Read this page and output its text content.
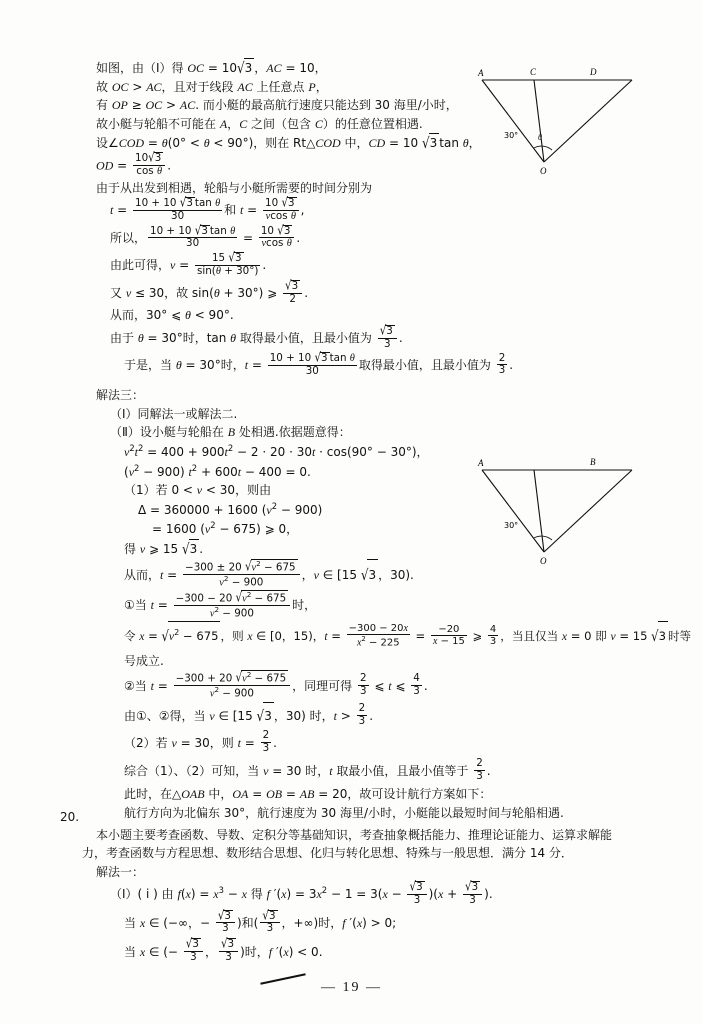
A	C	D
O
30° θ
A	B
O
30°

如图，由（Ⅰ）得 OC = 10√3 ，AC = 10，

故 OC > AC，且对于线段 AC 上任意点 P，

有 OP ≥ OC > AC. 而小艇的最高航行速度只能达到 30 海里/小时，

故小艇与轮船不可能在 A，C 之间（包含 C）的任意位置相遇.

设∠COD = θ(0° < θ < 90°)，则在 Rt△COD 中，CD = 10 √3 tan θ，

OD = $\frac{10√3}{\text{cos θ}}$ .

由于从出发到相遇，轮船与小艇所需要的时间分别为

$t = \frac{\text{10 + 10 √3 tan θ}}{30}$ 和 $t = \frac{10 √3}{\text{vcos θ}}$ ,

所以， $\frac{\text{10 + 10 √3 tan θ}}{30} = \frac{10 √3}{\text{vcos θ}}$ .

由此可得，$v = \frac{15 √3}{\sin(\theta + 30^\circ)}$ .

又 v ≤ 30，故 sin(θ + 30°) ⩾ $\frac{√3}{2}$ .

从而，30° ⩽ θ < 90°.

由于 θ = 30°时，tan θ 取得最小值，且最小值为 $\frac{√3}{3}$ .

于是，当 θ = 30°时，$t = \frac{\text{10 + 10 √3 tan θ}}{30}$ 取得最小值，且最小值为 $\frac{2}{3}$ .

解法三：

（Ⅰ）同解法一或解法二.

（Ⅱ）设小艇与轮船在 B 处相遇.依据题意得：

$v^2t^2 = 400 + 900t^2 - 2 \cdot 20 \cdot 30t \cdot \cos(90^\circ - 30^\circ)$，

$(v^2 - 900) t^2 + 600t - 400 = 0$.

（1）若 0 < v < 30，则由

Δ = 360000 + 1600 $(v^2 - 900)$

= 1600 $(v^2 - 675)$ ⩾ 0，

得 v ⩾ 15 √3 .

从而，$t = \frac{-300 \pm 20 √v^2 - 675}{v^2 - 900}$ ，v ∈ [15 √3 ，30).

①当 $t = \frac{-300 - 20 √v^2 - 675}{v^2 - 900}$ 时，

令 $x = √v^2 - 675$ ，则 x ∈ [0，15)，$t = \frac{-300 - 20x}{x^2 - 225} = \frac{-20}{x - 15}$ ⩾ $\frac{4}{3}$ ，当且仅当 x = 0 即 v = 15 √3 时等

号成立.

②当 $t = \frac{-300 + 20 √v^2 - 675}{v^2 - 900}$ ，同理可得 $\frac{2}{3}$ ⩽ t ⩽ $\frac{4}{3}$ .

由①、②得，当 v ∈ [15 √3 ，30) 时，$t > \frac{2}{3}$ .

（2）若 v = 30，则 $t = \frac{2}{3}$ .

综合（1）、（2）可知，当 v = 30 时，t 取最小值，且最小值等于 $\frac{2}{3}$ .

此时，在△OAB 中，OA = OB = AB = 20，故可设计航行方案如下：

航行方向为北偏东 30°，航行速度为 30 海里/小时，小艇能以最短时间与轮船相遇.

本小题主要考查函数、导数、定积分等基础知识，考查抽象概括能力、推理论证能力、运算求解能

力，考查函数与方程思想、数形结合思想、化归与转化思想、特殊与一般思想．满分 14 分．

解法一：

（Ⅰ）( i ) 由 $f(x) = x^3 - x$ 得 f $'(x) = 3x^2 - 1 = 3(x - \frac{√3}{3} )(x + \frac{√3}{3}$ ).

当 x ∈ (−∞，− $\frac{√3}{3}$ )和( $\frac{√3}{3}$ ，+∞)时，f ′(x) > 0;

当 x ∈ (− $\frac{√3}{3}$ ， $\frac{√3}{3}$ )时，f ′(x) < 0.

20.
— 19 —
